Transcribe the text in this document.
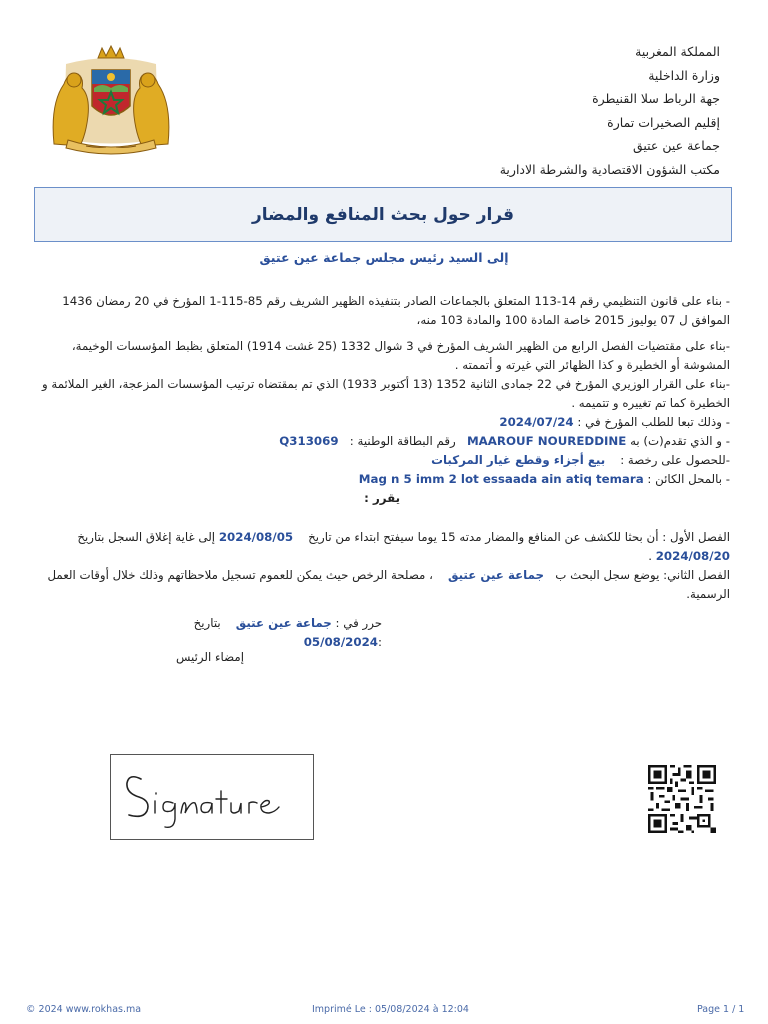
المملكة المغربية
وزارة الداخلية
جهة الرباط سلا القنيطرة
إقليم الصخيرات تمارة
جماعة عين عتيق
مكتب الشؤون الاقتصادية والشرطة الادارية
قرار حول بحث المنافع والمضار
إلى السيد رئيس مجلس جماعة عين عتيق

- بناء على قانون التنظيمي رقم 14-113 المتعلق بالجماعات الصادر بتنفيذه الظهير الشريف رقم 85-115-1 المؤرخ في 20 رمضان 1436 الموافق ل 07 يوليوز 2015 خاصة المادة 100 والمادة 103 منه،

-بناء على مقتضيات الفصل الرابع من الظهير الشريف المؤرخ في 3 شوال 1332 (25 غشت 1914) المتعلق بظبط المؤسسات الوخيمة، المشوشة أو الخطيرة و كذا الظهائر التي غيرته و أتممته .

-بناء على القرار الوزيري المؤرخ في 22 جمادى الثانية 1352 (13 أكتوبر 1933) الذي تم بمقتضاه ترتيب المؤسسات المزعجة، الغير الملائمة و الخطيرة كما تم تغييره و تتميمه .

- وذلك تبعا للطلب المؤرخ في : 2024/07/24

- و الذي تقدم(ت) به MAAROUF NOUREDDINE   رقم البطاقة الوطنية :   Q313069

-للحصول على رخصة :    بيع أجزاء وقطع غيار المركبات

- بالمحل الكائن : Mag n 5 imm 2 lot essaada ain atiq temara

يقرر :

الفصل الأول : أن بحثا للكشف عن المنافع والمضار مدته 15 يوما سيفتح ابتداء من تاريخ    2024/08/05 إلى غاية إغلاق السجل بتاريخ 2024/08/20 .

الفصل الثاني: يوضع سجل البحث ب   جماعة عين عتيق    ، مصلحة الرخص حيث يمكن للعموم تسجيل ملاحظاتهم وذلك خلال أوقات العمل الرسمية.

حرر في : جماعة عين عتيق    بتاريخ :05/08/2024
إمضاء الرئيس
© 2024 www.rokhas.ma	Imprimé Le : 05/08/2024 à 12:04	Page 1 / 1
